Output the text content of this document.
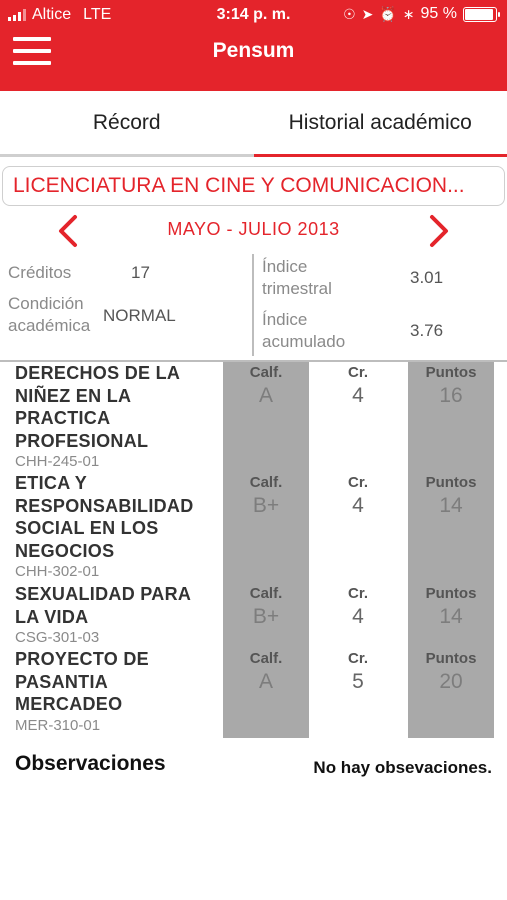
Altice LTE	3:14 p. m.	☉ ➤ ⏰ ∗ 95 %
Pensum
Récord	Historial académico
LICENCIATURA EN CINE Y COMUNICACION...
MAYO - JULIO 2013
Créditos	17
Condición académica
NORMAL
Índice trimestral
3.01
Índice acumulado
3.76
DERECHOS DE LA NIÑEZ EN LA PRACTICA PROFESIONAL
CHH-245-01
Calf.	Cr.	Puntos
A	4	16
ETICA Y RESPONSABILIDAD SOCIAL EN LOS NEGOCIOS
CHH-302-01
Calf.	Cr.	Puntos
B+	4	14
SEXUALIDAD PARA LA VIDA
CSG-301-03
Calf.	Cr.	Puntos
B+	4	14
PROYECTO DE PASANTIA MERCADEO
MER-310-01
Calf.	Cr.	Puntos
A	5	20
Observaciones	No hay obsevaciones.
